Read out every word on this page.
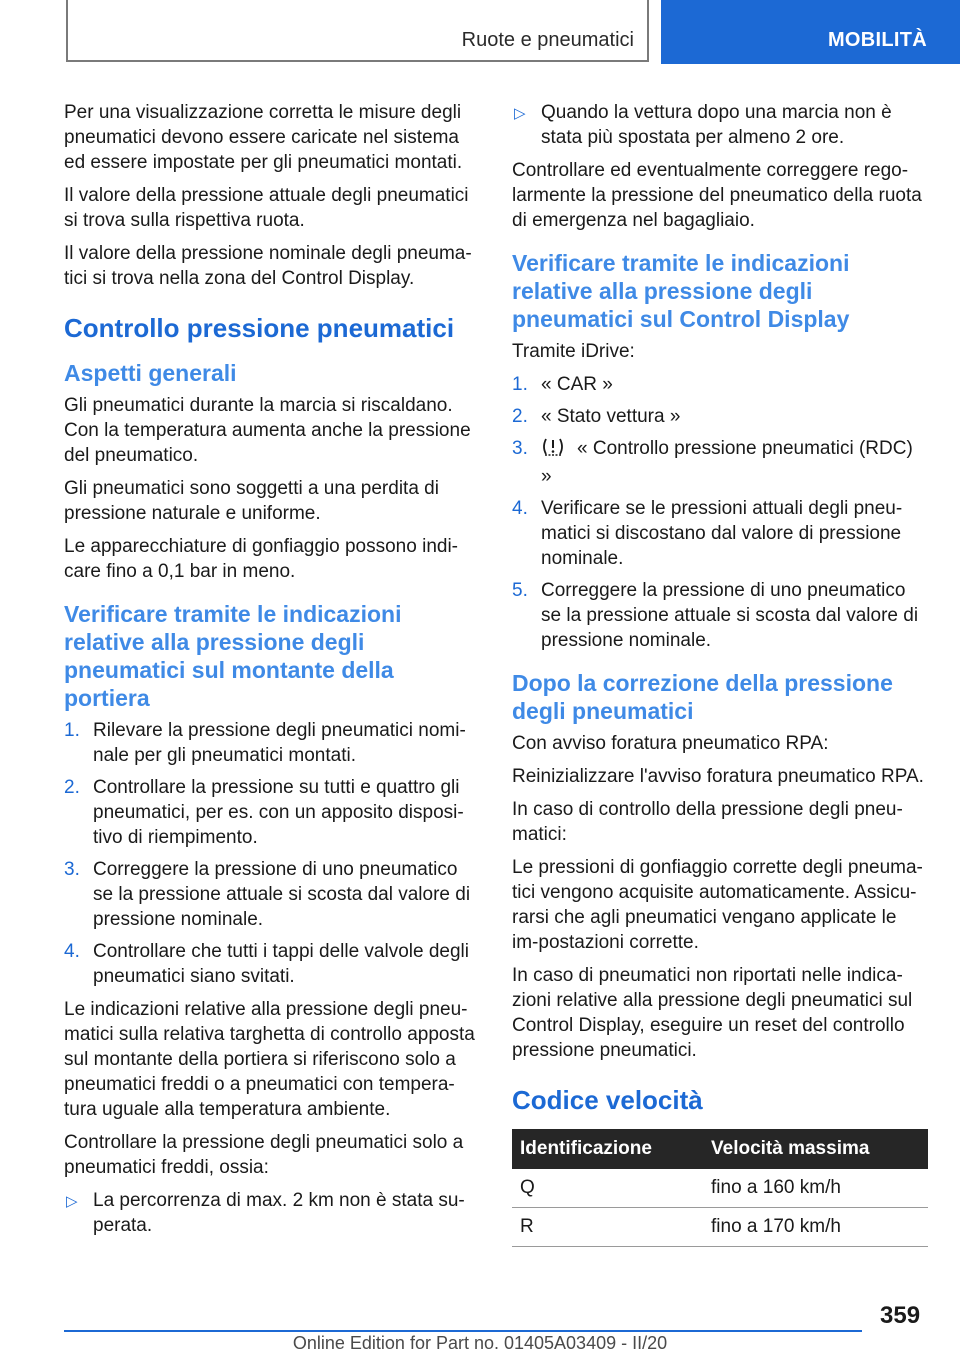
Ruote e pneumatici	MOBILITÀ

Per una visualizzazione corretta le misure degli pneumatici devono essere caricate nel sistema ed essere impostate per gli pneumatici montati.

Il valore della pressione attuale degli pneumatici si trova sulla rispettiva ruota.

Il valore della pressione nominale degli pneuma-tici si trova nella zona del Control Display.

Controllo pressione pneumatici
Aspetti generali

Gli pneumatici durante la marcia si riscaldano. Con la temperatura aumenta anche la pressione del pneumatico.

Gli pneumatici sono soggetti a una perdita di pressione naturale e uniforme.

Le apparecchiature di gonfiaggio possono indi-care fino a 0,1 bar in meno.

Verificare tramite le indicazioni relative alla pressione degli pneumatici sul montante della portiera
1. Rilevare la pressione degli pneumatici nomi-nale per gli pneumatici montati.
2. Controllare la pressione su tutti e quattro gli pneumatici, per es. con un apposito disposi-tivo di riempimento.
3. Correggere la pressione di uno pneumatico se la pressione attuale si scosta dal valore di pressione nominale.
4. Controllare che tutti i tappi delle valvole degli pneumatici siano svitati.

Le indicazioni relative alla pressione degli pneu-matici sulla relativa targhetta di controllo apposta sul montante della portiera si riferiscono solo a pneumatici freddi o a pneumatici con tempera-tura uguale alla temperatura ambiente.

Controllare la pressione degli pneumatici solo a pneumatici freddi, ossia:

▷ La percorrenza di max. 2 km non è stata su-perata.
▷ Quando la vettura dopo una marcia non è stata più spostata per almeno 2 ore.

Controllare ed eventualmente correggere rego-larmente la pressione del pneumatico della ruota di emergenza nel bagagliaio.

Verificare tramite le indicazioni relative alla pressione degli pneumatici sul Control Display

Tramite iDrive:

1. « CAR »
2. « Stato vettura »
3.	« Controllo pressione pneumatici (RDC) »
4. Verificare se le pressioni attuali degli pneu-matici si discostano dal valore di pressione nominale.
5. Correggere la pressione di uno pneumatico se la pressione attuale si scosta dal valore di pressione nominale.
Dopo la correzione della pressione degli pneumatici

Con avviso foratura pneumatico RPA:

Reinizializzare l'avviso foratura pneumatico RPA.

In caso di controllo della pressione degli pneu-matici:

Le pressioni di gonfiaggio corrette degli pneuma-tici vengono acquisite automaticamente. Assicu-rarsi che agli pneumatici vengano applicate le im-postazioni corrette.

In caso di pneumatici non riportati nelle indica-zioni relative alla pressione degli pneumatici sul Control Display, eseguire un reset del controllo pressione pneumatici.

Codice velocità
Identificazione	Velocità massima
Q	fino a 160 km/h
R	fino a 170 km/h
359
Online Edition for Part no. 01405A03409 - II/20
